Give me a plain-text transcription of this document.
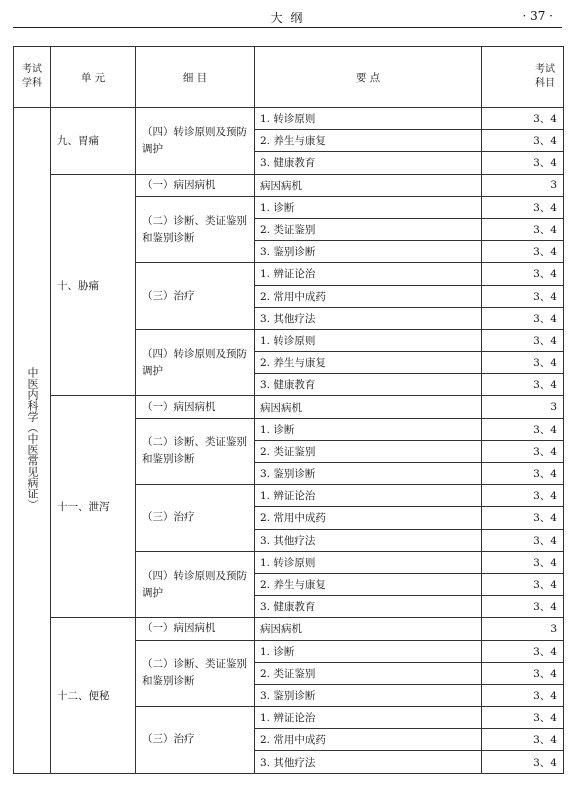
大 纲	· 37 ·
考试学科	单 元	细 目	要 点	考试科目
中医内科学（中医常见病证）	九、胃痛	（四）转诊原则及预防调护	1. 转诊原则	3、4
			2. 养生与康复	3、4
			3. 健康教育	3、4
	十、胁痛	（一）病因病机	病因病机	3
		（二）诊断、类证鉴别和鉴别诊断	1. 诊断	3、4
			2. 类证鉴别	3、4
			3. 鉴别诊断	3、4
		（三）治疗	1. 辨证论治	3、4
			2. 常用中成药	3、4
			3. 其他疗法	3、4
		（四）转诊原则及预防调护	1. 转诊原则	3、4
			2. 养生与康复	3、4
			3. 健康教育	3、4
	十一、泄泻	（一）病因病机	病因病机	3
		（二）诊断、类证鉴别和鉴别诊断	1. 诊断	3、4
			2. 类证鉴别	3、4
			3. 鉴别诊断	3、4
		（三）治疗	1. 辨证论治	3、4
			2. 常用中成药	3、4
			3. 其他疗法	3、4
		（四）转诊原则及预防调护	1. 转诊原则	3、4
			2. 养生与康复	3、4
			3. 健康教育	3、4
	十二、便秘	（一）病因病机	病因病机	3
		（二）诊断、类证鉴别和鉴别诊断	1. 诊断	3、4
			2. 类证鉴别	3、4
			3. 鉴别诊断	3、4
		（三）治疗	1. 辨证论治	3、4
			2. 常用中成药	3、4
			3. 其他疗法	3、4
